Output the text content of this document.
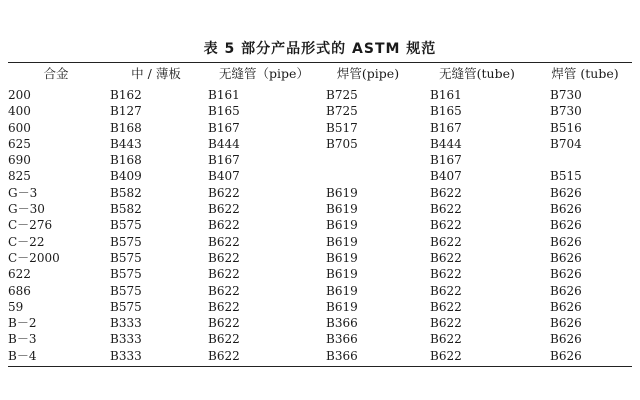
表 5 部分产品形式的 ASTM 规范
合金	中 / 薄板	无缝管（pipe）	焊管(pipe)	无缝管(tube)	焊管 (tube)
200	B162	B161	B725	B161	B730
400	B127	B165	B725	B165	B730
600	B168	B167	B517	B167	B516
625	B443	B444	B705	B444	B704
690	B168	B167		B167	
825	B409	B407		B407	B515
G－3	B582	B622	B619	B622	B626
G－30	B582	B622	B619	B622	B626
C－276	B575	B622	B619	B622	B626
C－22	B575	B622	B619	B622	B626
C－2000	B575	B622	B619	B622	B626
622	B575	B622	B619	B622	B626
686	B575	B622	B619	B622	B626
59	B575	B622	B619	B622	B626
B－2	B333	B622	B366	B622	B626
B－3	B333	B622	B366	B622	B626
B－4	B333	B622	B366	B622	B626
